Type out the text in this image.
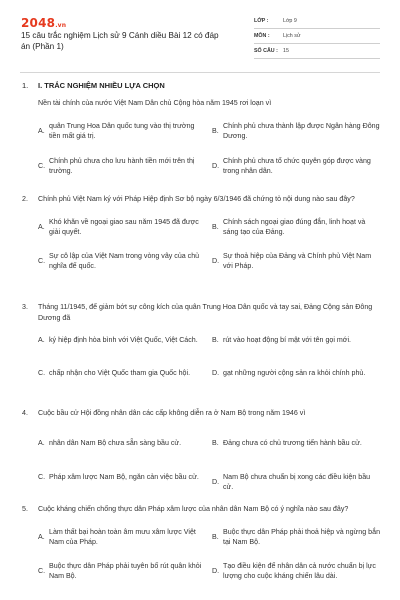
2048.vn
15 câu trắc nghiệm Lịch sử 9 Cánh diều Bài 12 có đáp án (Phần 1)
LỚP :	Lớp 9
MÔN :	Lịch sử
SỐ CÂU : 15
1. I. TRẮC NGHIỆM NHIỀU LỰA CHỌN
Nền tài chính của nước Việt Nam Dân chủ Cộng hòa năm 1945 rơi loạn vì
A.
quân Trung Hoa Dân quốc tung vào thị trường tiền mất giá trị.
B.
Chính phủ chưa thành lập được Ngân hàng Đông Dương.
C.
Chính phủ chưa cho lưu hành tiền mới trên thị trường.
D.
Chính phủ chưa tổ chức quyên góp được vàng trong nhân dân.
2.	Chính phủ Việt Nam ký với Pháp Hiệp định Sơ bộ ngày 6/3/1946 đã chứng tỏ nội dung nào sau đây?
A.
Khó khăn về ngoại giao sau năm 1945 đã được giải quyết.
B.
Chính sách ngoại giao đúng đắn, linh hoạt và sáng tạo của Đảng.
C.
Sự cô lập của Việt Nam trong vòng vây của chủ nghĩa đế quốc.
D.
Sự thoả hiệp của Đảng và Chính phủ Việt Nam với Pháp.
3.	Tháng 11/1945, để giảm bớt sự công kích của quân Trung Hoa Dân quốc và tay sai, Đảng Cộng sản Đông Dương đã
A. ký hiệp định hòa bình với Việt Quốc, Việt Cách.	B. rút vào hoạt động bí mật với tên gọi mới.
C. chấp nhận cho Việt Quốc tham gia Quốc hội.	D. gạt những người cộng sản ra khỏi chính phủ.
4.	Cuộc bầu cử Hội đồng nhân dân các cấp không diễn ra ở Nam Bộ trong năm 1946 vì
A. nhân dân Nam Bộ chưa sẵn sàng bầu cử.	B. Đảng chưa có chủ trương tiến hành bầu cử.
C. Pháp xâm lược Nam Bộ, ngăn cản việc bầu cử.
D.
Nam Bộ chưa chuẩn bị xong các điều kiện bầu cử.
5.	Cuộc kháng chiến chống thực dân Pháp xâm lược của nhân dân Nam Bộ có ý nghĩa nào sau đây?
A.
Làm thất bại hoàn toàn âm mưu xâm lược Việt Nam của Pháp.
B.
Buộc thực dân Pháp phải thoả hiệp và ngừng bắn tại Nam Bộ.
C.
Buộc thực dân Pháp phải tuyên bố rút quân khỏi Nam Bộ.
D.
Tạo điều kiện để nhân dân cả nước chuẩn bị lực lượng cho cuộc kháng chiến lâu dài.
